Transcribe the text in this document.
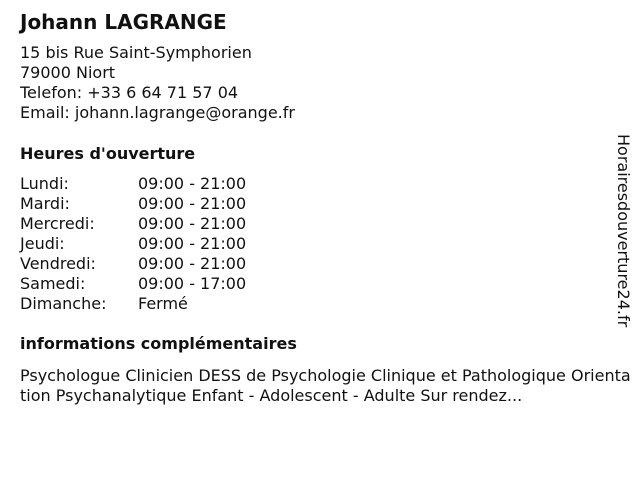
Johann LAGRANGE
15 bis Rue Saint-Symphorien
79000 Niort
Telefon: +33 6 64 71 57 04
Email: johann.lagrange@orange.fr
Heures d'ouverture
Lundi:	09:00 - 21:00
Mardi:	09:00 - 21:00
Mercredi:	09:00 - 21:00
Jeudi:	09:00 - 21:00
Vendredi:	09:00 - 21:00
Samedi:	09:00 - 17:00
Dimanche:	Fermé
informations complémentaires
Psychologue Clinicien DESS de Psychologie Clinique et Pathologique Orientation Psychanalytique Enfant - Adolescent - Adulte Sur rendez...
Horairesdouverture24.fr
